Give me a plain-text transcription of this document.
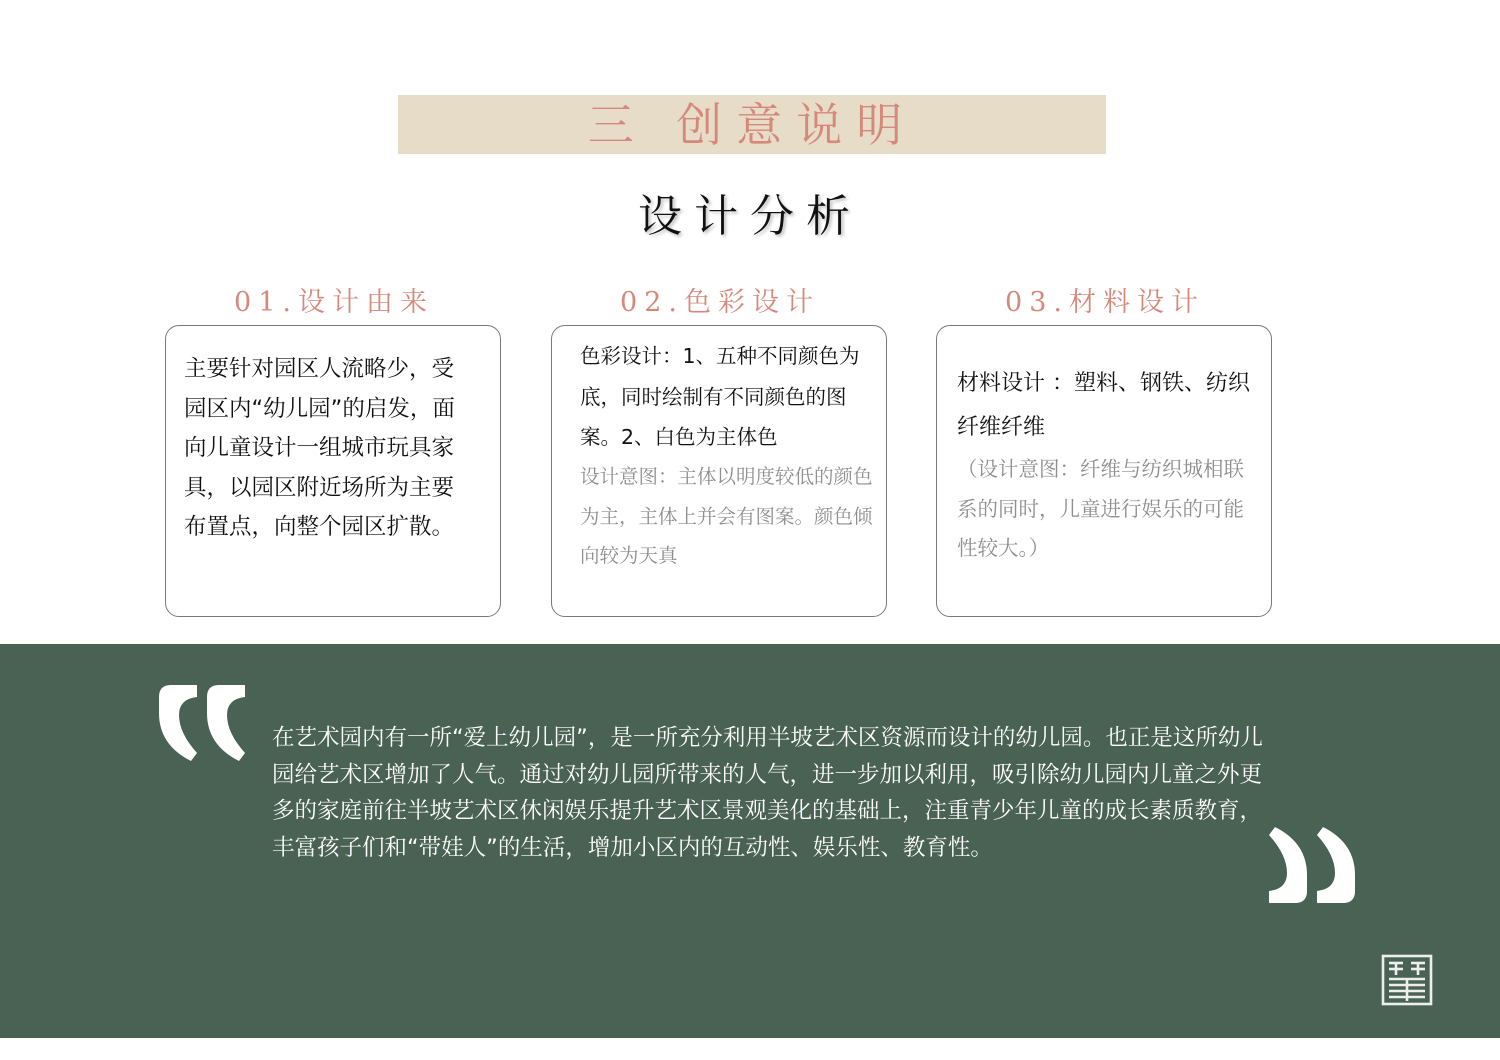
三 创意说明
设计分析
01.设计由来	02.色彩设计	03.材料设计
主要针对园区人流略少，受园区内“幼儿园”的启发，面向儿童设计一组城市玩具家具，以园区附近场所为主要布置点，向整个园区扩散。
色彩设计：1、五种不同颜色为底，同时绘制有不同颜色的图案。2、白色为主体色
设计意图：主体以明度较低的颜色为主，主体上并会有图案。颜色倾向较为天真
材料设计 ：塑料、钢铁、纺织纤维纤维
（设计意图：纤维与纺织城相联系的同时，儿童进行娱乐的可能性较大。）
在艺术园内有一所“爱上幼儿园”，是一所充分利用半坡艺术区资源而设计的幼儿园。也正是这所幼儿园给艺术区增加了人气。通过对幼儿园所带来的人气，进一步加以利用，吸引除幼儿园内儿童之外更多的家庭前往半坡艺术区休闲娱乐提升艺术区景观美化的基础上，注重青少年儿童的成长素质教育，丰富孩子们和“带娃人”的生活，增加小区内的互动性、娱乐性、教育性。
